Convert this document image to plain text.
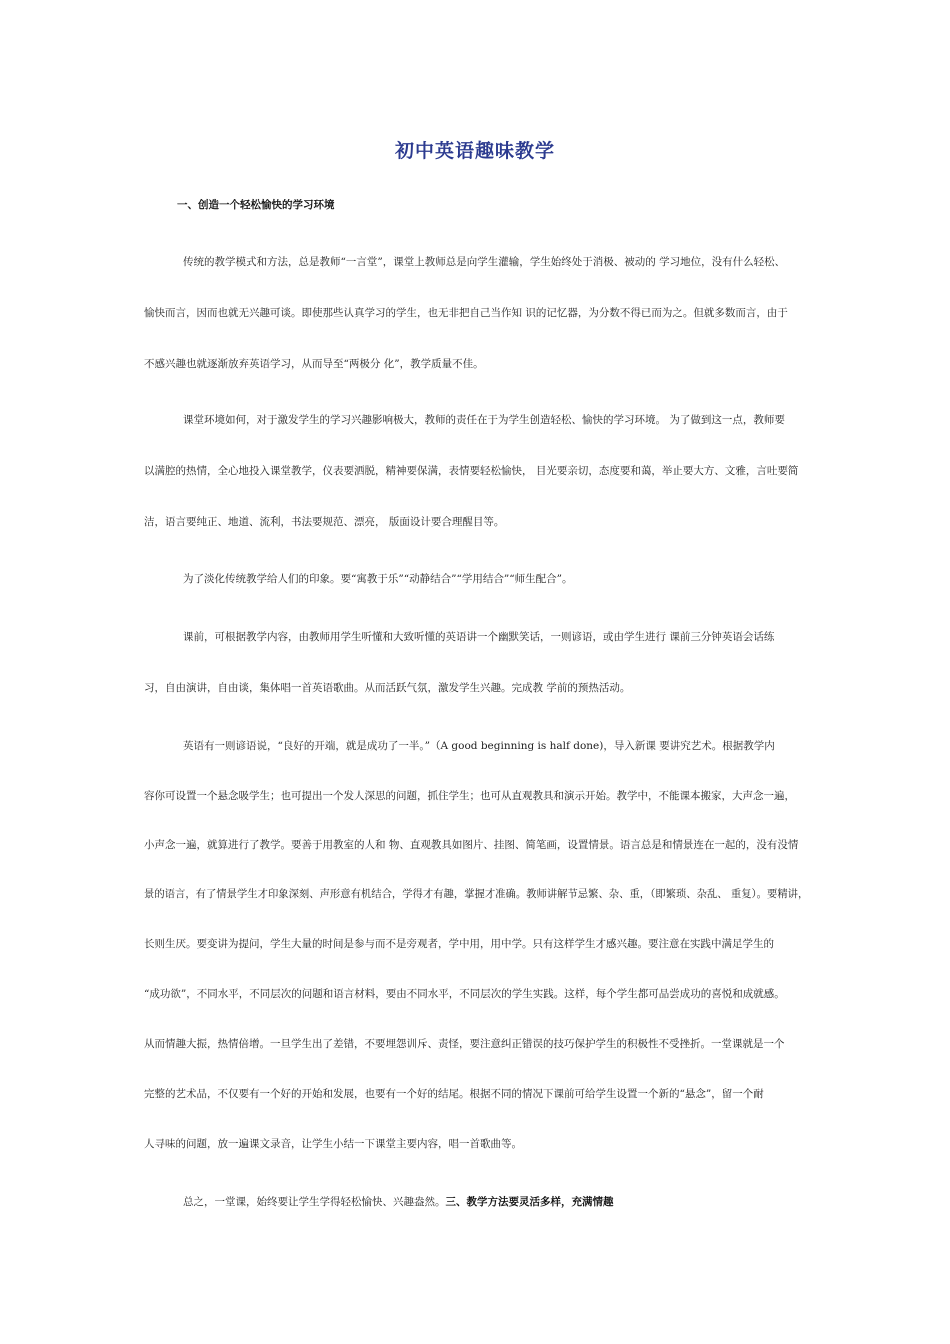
初中英语趣味教学
一、创造一个轻松愉快的学习环境
传统的教学模式和方法，总是教师“一言堂”，课堂上教师总是向学生灌输，学生始终处于消极、被动的 学习地位，没有什么轻松、
愉快而言，因而也就无兴趣可谈。即使那些认真学习的学生，也无非把自己当作知 识的记忆器，为分数不得已而为之。但就多数而言，由于
不感兴趣也就逐渐放弃英语学习，从而导至“两极分 化”，教学质量不佳。
课堂环境如何，对于激发学生的学习兴趣影响极大，教师的责任在于为学生创造轻松、愉快的学习环境。 为了做到这一点，教师要
以满腔的热情，全心地投入课堂教学，仪表要洒脱，精神要保满，表情要轻松愉快， 目光要亲切，态度要和蔼，举止要大方、文雅，言吐要简
洁，语言要纯正、地道、流利，书法要规范、漂亮， 版面设计要合理醒目等。
为了淡化传统教学给人们的印象。要“寓教于乐”“动静结合”“学用结合”“师生配合”。
课前，可根据教学内容，由教师用学生听懂和大致听懂的英语讲一个幽默笑话，一则谚语，或由学生进行 课前三分钟英语会话练
习，自由演讲，自由谈，集体唱一首英语歌曲。从而活跃气氛，激发学生兴趣。完成教 学前的预热活动。
英语有一则谚语说，“良好的开端，就是成功了一半。”（A good beginning is half done)，导入新课 要讲究艺术。根据教学内
容你可设置一个悬念吸学生；也可提出一个发人深思的问题，抓住学生；也可从直观教具和演示开始。教学中，不能课本搬家，大声念一遍，
小声念一遍，就算进行了教学。要善于用教室的人和 物、直观教具如图片、挂图、简笔画，设置情景。语言总是和情景连在一起的，没有没情
景的语言，有了情景学生才印象深刻、声形意有机结合，学得才有趣，掌握才准确。教师讲解节忌繁、杂、重，（即繁琐、杂乱、 重复）。要精讲，
长则生厌。要变讲为提问，学生大量的时间是参与而不是旁观者，学中用，用中学。只有这样学生才感兴趣。要注意在实践中满足学生的
“成功欲”，不同水平，不同层次的问题和语言材料，要由不同水平，不同层次的学生实践。这样，每个学生都可品尝成功的喜悦和成就感。
从而情趣大振，热情倍增。一旦学生出了差错，不要埋怨训斥、责怪，要注意纠正错误的技巧保护学生的积极性不受挫折。一堂课就是一个
完整的艺术品，不仅要有一个好的开始和发展，也要有一个好的结尾。根据不同的情况下课前可给学生设置一个新的“悬念”，留一个耐
人寻味的问题，放一遍课文录音，让学生小结一下课堂主要内容，唱一首歌曲等。
总之，一堂课，始终要让学生学得轻松愉快、兴趣盎然。三、教学方法要灵活多样，充满情趣
